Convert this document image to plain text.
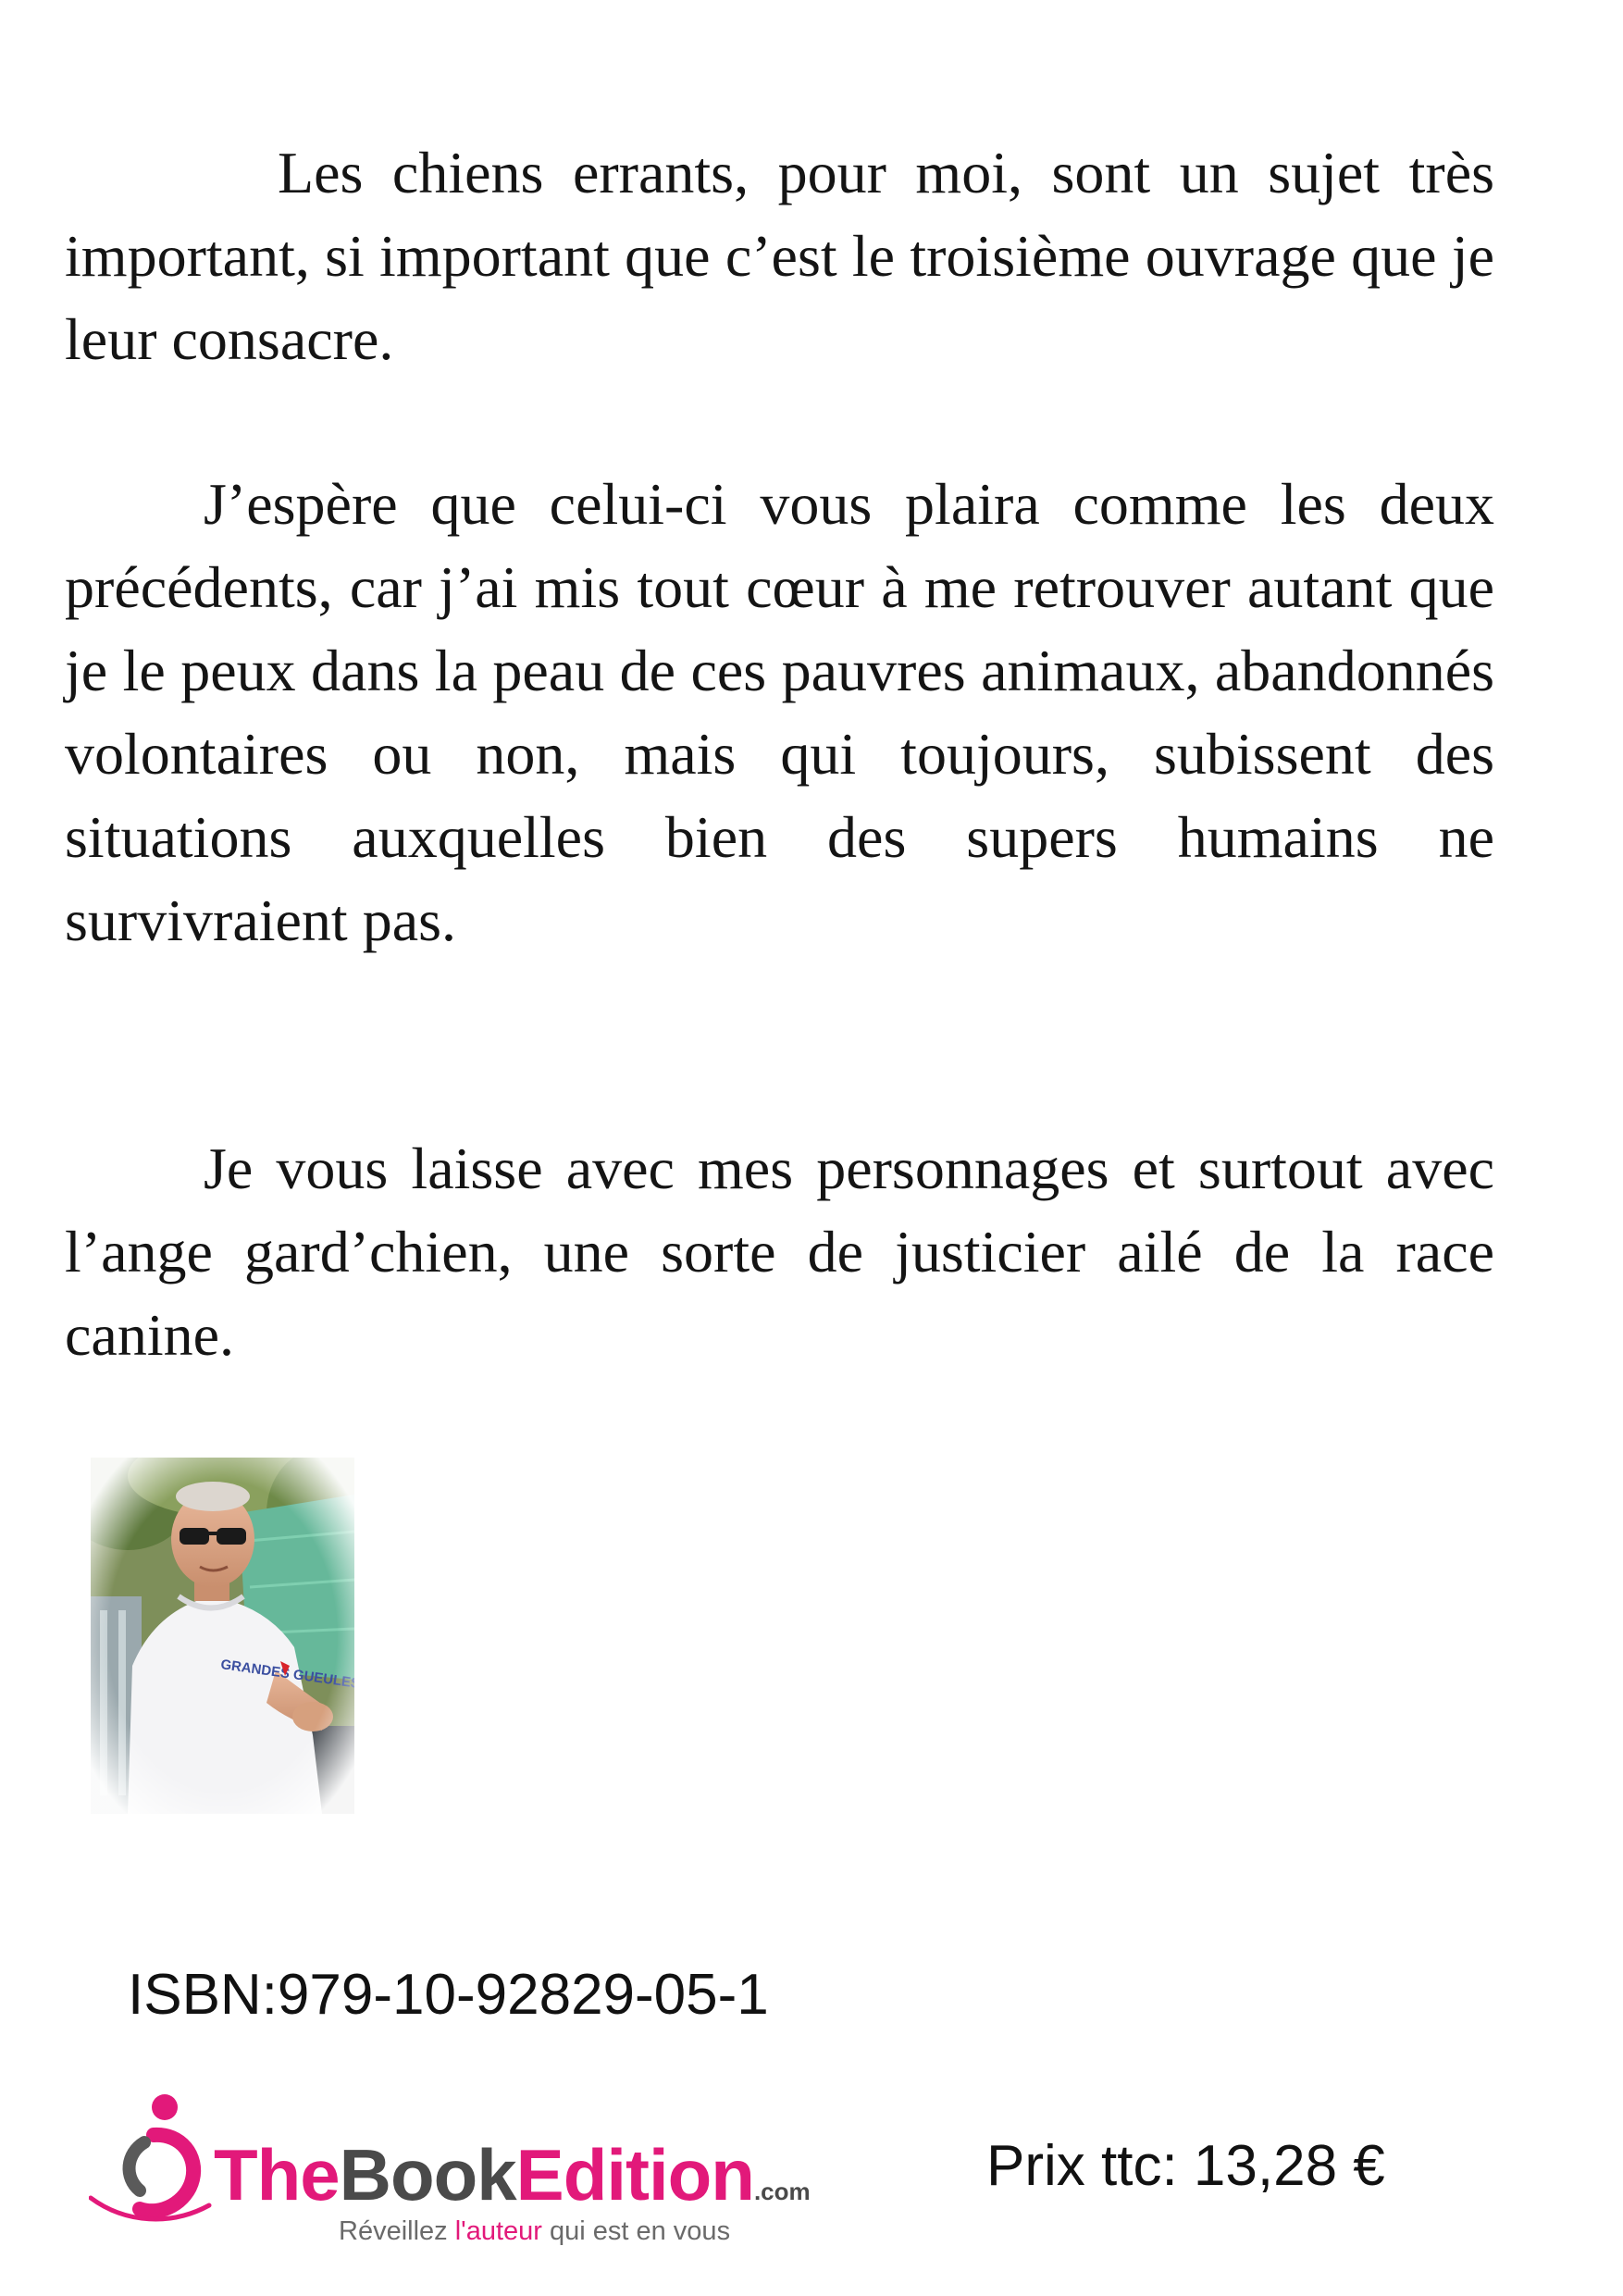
Les chiens errants, pour moi, sont un sujet très important, si important que c’est le troisième ouvrage que je leur consacre.

J’espère que celui-ci vous plaira comme les deux précédents, car j’ai mis tout cœur à me retrouver autant que je le peux dans la peau de ces pauvres animaux, abandonnés volontaires ou non, mais qui toujours, subissent des situations auxquelles bien des supers humains ne survivraient pas.

Je vous laisse avec mes personnages et surtout avec l’ange gard’chien, une sorte de justicier ailé de la race canine.

ISBN:979-10-92829-05-1

TheBookEdition.com
Réveillez l'auteur qui est en vous

Prix ttc: 13,28 €
